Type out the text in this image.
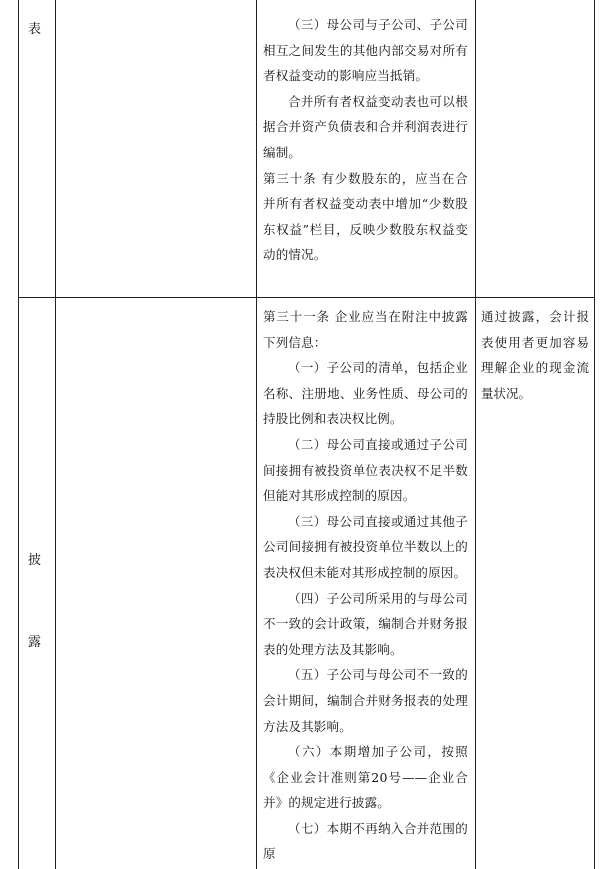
表	（三）母公司与子公司、子公司相互之间发生的其他内部交易对所有者权益变动的影响应当抵销。

合并所有者权益变动表也可以根据合并资产负债表和合并利润表进行编制。

第三十条 有少数股东的，应当在合并所有者权益变动表中增加“少数股东权益”栏目，反映少数股东权益变动的情况。

披
露

第三十一条 企业应当在附注中披露下列信息：

（一）子公司的清单，包括企业名称、注册地、业务性质、母公司的持股比例和表决权比例。

（二）母公司直接或通过子公司间接拥有被投资单位表决权不足半数但能对其形成控制的原因。

（三）母公司直接或通过其他子公司间接拥有被投资单位半数以上的表决权但未能对其形成控制的原因。

（四）子公司所采用的与母公司不一致的会计政策，编制合并财务报表的处理方法及其影响。

（五）子公司与母公司不一致的会计期间，编制合并财务报表的处理方法及其影响。

（六）本期增加子公司，按照《企业会计准则第20号——企业合并》的规定进行披露。

（七）本期不再纳入合并范围的原

通过披露，会计报表使用者更加容易理解企业的现金流量状况。
